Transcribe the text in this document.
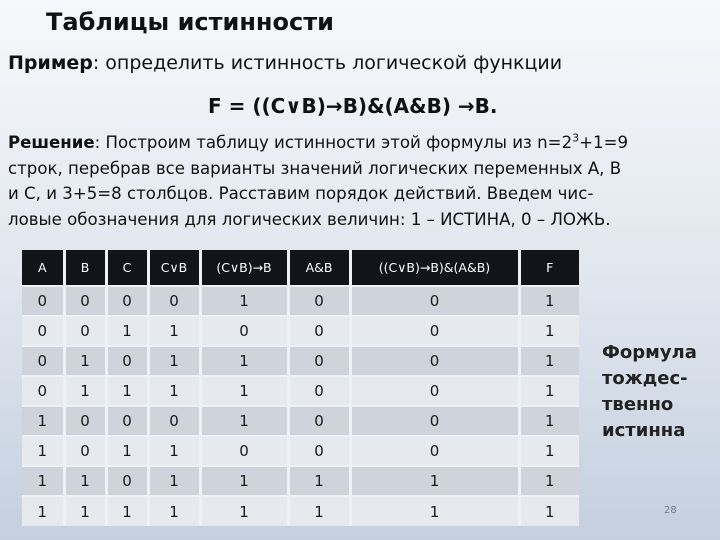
Таблицы истинности
Пример: определить истинность логической функции
F = ((C∨B)→B)&(A&B) →B.
Решение: Построим таблицу истинности этой формулы из $n=2^3+1=9$
строк, перебрав все варианты значений логических переменных А, В
и С, и 3+5=8 столбцов. Расставим порядок действий. Введем чис-
ловые обозначения для логических величин: 1 – ИСТИНА, 0 – ЛОЖЬ.
A	B	C	C∨B	(C∨B)→B	A&B	((C∨B)→B)&(A&B)	F
0	0	0	0	1	0	0	1
0	0	1	1	0	0	0	1
0	1	0	1	1	0	0	1
0	1	1	1	1	0	0	1
1	0	0	0	1	0	0	1
1	0	1	1	0	0	0	1
1	1	0	1	1	1	1	1
1	1	1	1	1	1	1	1
Формула
тождес-
твенно
истинна
28
